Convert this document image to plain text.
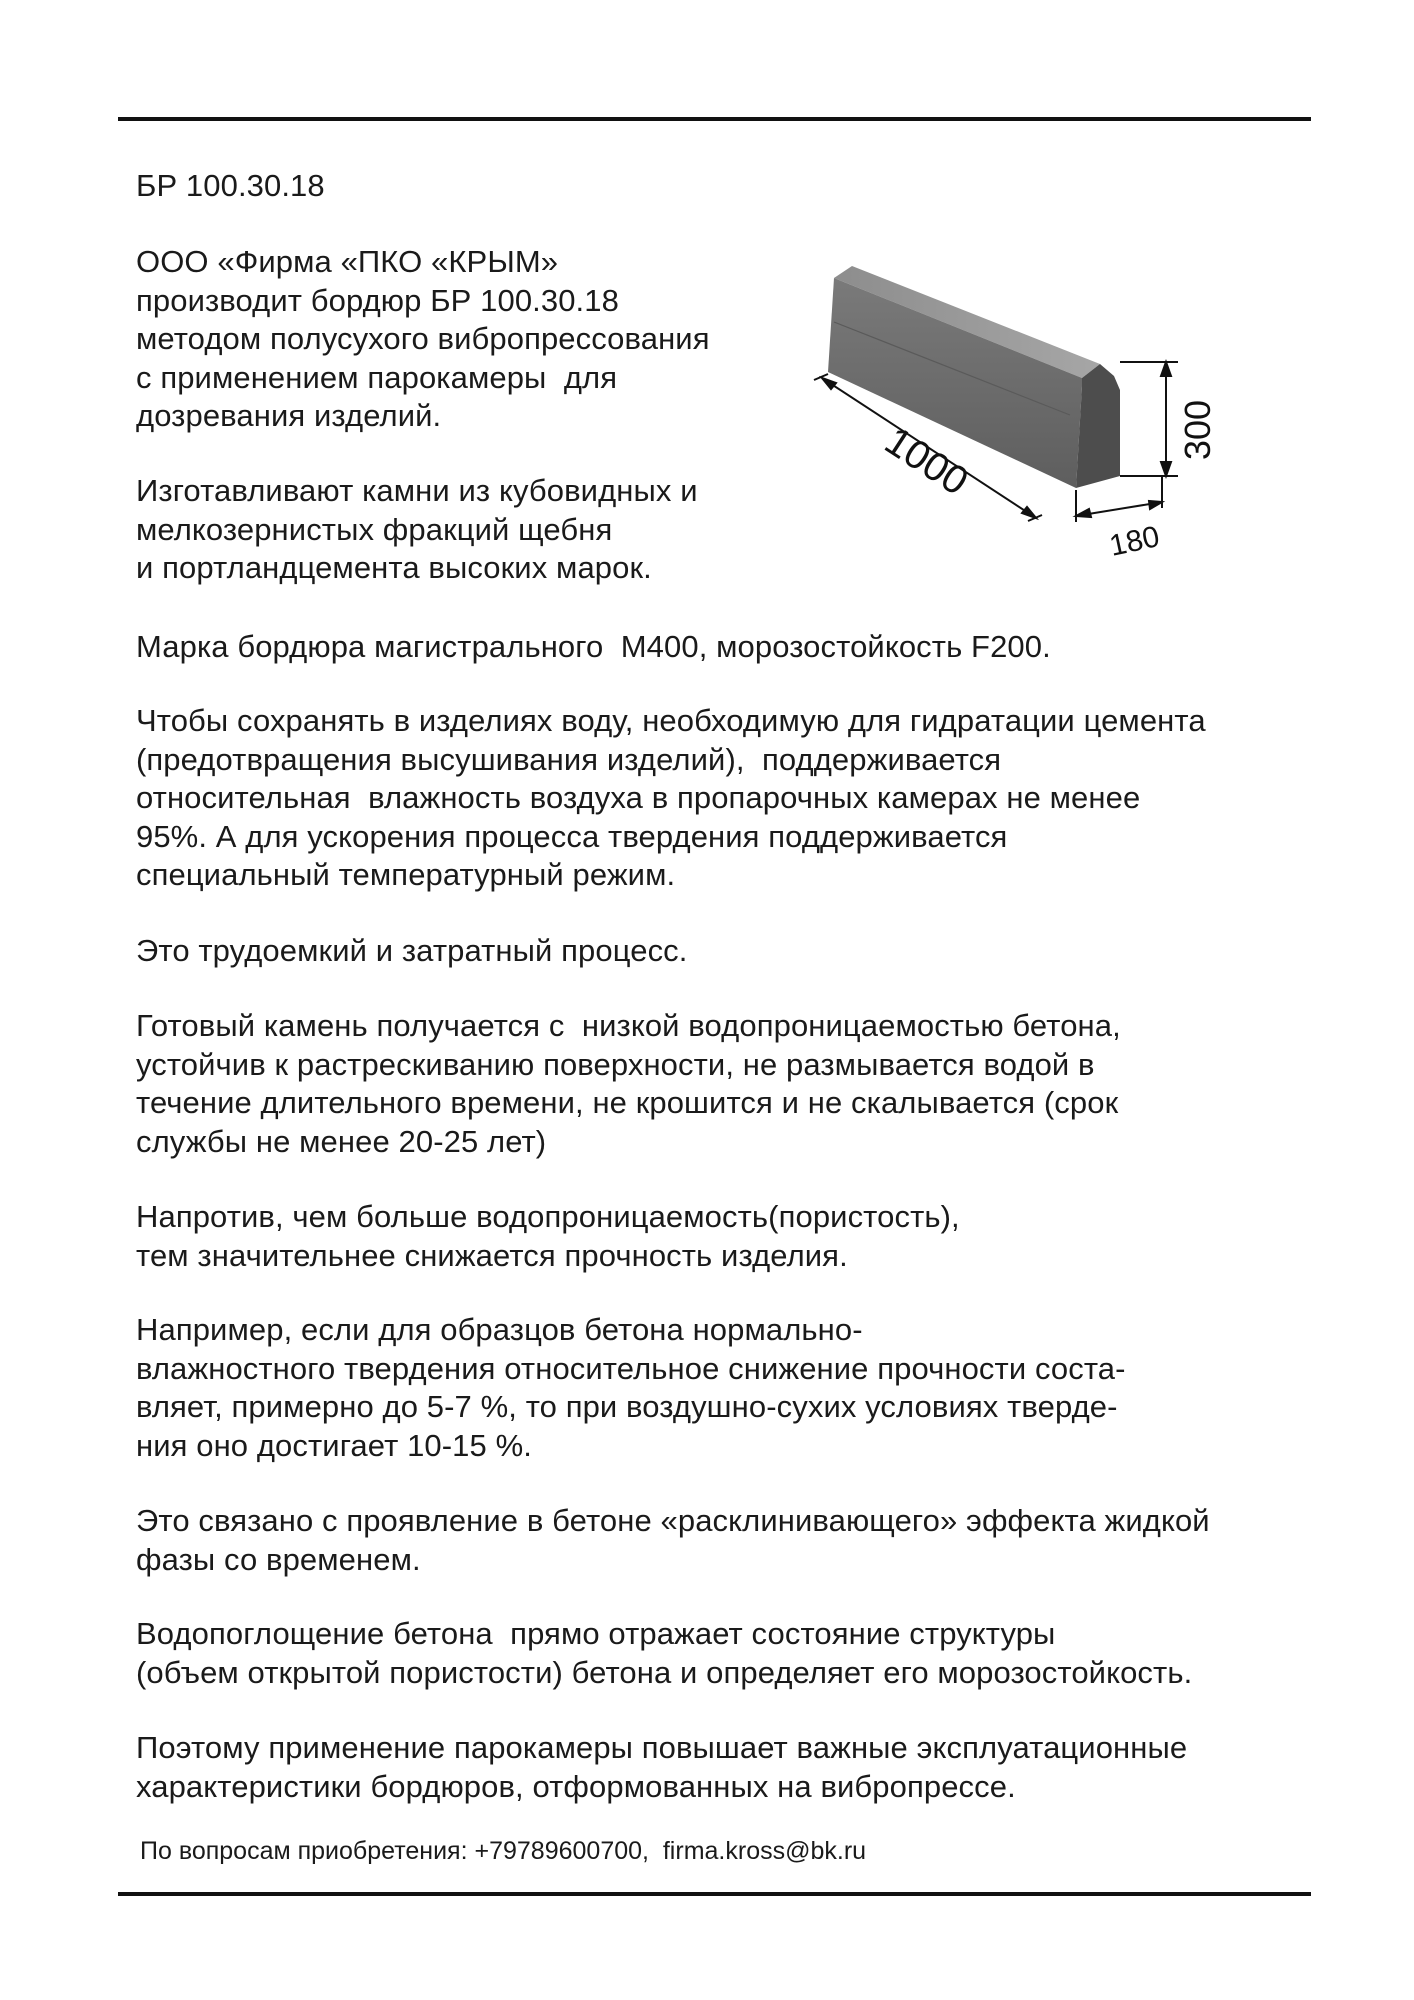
БР 100.30.18
ООО «Фирма «ПКО «КРЫМ»
производит бордюр БР 100.30.18
методом полусухого вибропрессования
с применением парокамеры  для
дозревания изделий.
Изготавливают камни из кубовидных и
мелкозернистых фракций щебня
и портландцемента высоких марок.
Марка бордюра магистрального  М400, морозостойкость F200.
Чтобы сохранять в изделиях воду, необходимую для гидратации цемента
(предотвращения высушивания изделий),  поддерживается
относительная  влажность воздуха в пропарочных камерах не менее
95%. А для ускорения процесса твердения поддерживается
специальный температурный режим.
Это трудоемкий и затратный процесс.
Готовый камень получается с  низкой водопроницаемостью бетона,
устойчив к растрескиванию поверхности, не размывается водой в
течение длительного времени, не крошится и не скалывается (срок
службы не менее 20-25 лет)
Напротив, чем больше водопроницаемость(пористость),
тем значительнее снижается прочность изделия.
Например, если для образцов бетона нормально-
влажностного твердения относительное снижение прочности соста-
вляет, примерно до 5-7 %, то при воздушно-сухих условиях тверде-
ния оно достигает 10-15 %.
Это связано с проявление в бетоне «расклинивающего» эффекта жидкой
фазы со временем.
Водопоглощение бетона  прямо отражает состояние структуры
(объем открытой пористости) бетона и определяет его морозостойкость.
Поэтому применение парокамеры повышает важные эксплуатационные
характеристики бордюров, отформованных на вибропрессе.
1000	300
180
По вопросам приобретения: +79789600700,  firma.kross@bk.ru
